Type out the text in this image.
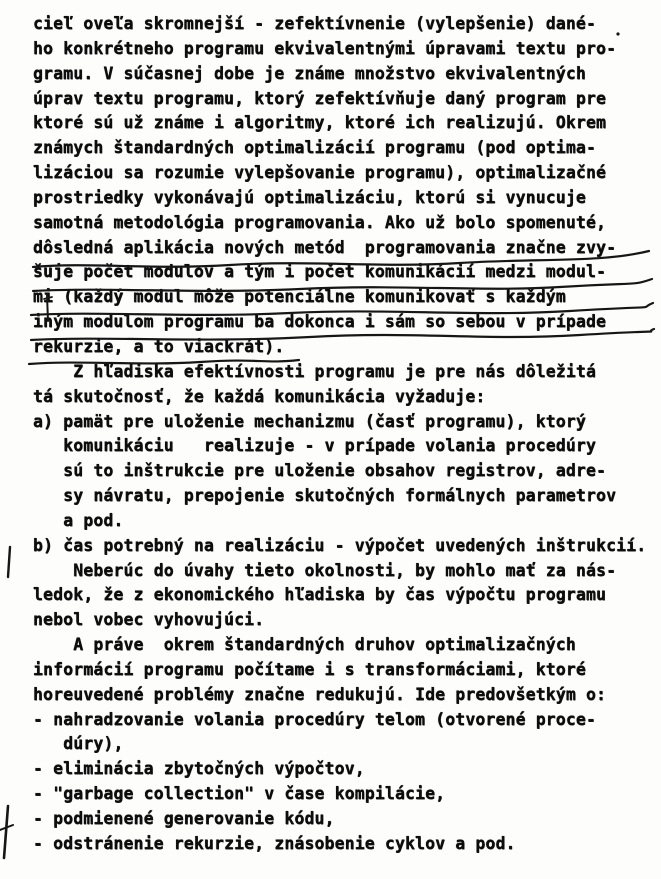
cieľ oveľa skromnejší - zefektívnenie (vylepšenie) dané-
ho konkrétneho programu ekvivalentnými úpravami textu pro-
gramu. V súčasnej dobe je známe množstvo ekvivalentných
úprav textu programu, ktorý zefektívňuje daný program pre
ktoré sú už známe i algoritmy, ktoré ich realizujú. Okrem
známych štandardných optimalizácií programu (pod optima-
lizáciou sa rozumie vylepšovanie programu), optimalizačné
prostriedky vykonávajú optimalizáciu, ktorú si vynucuje
samotná metodológia programovania. Ako už bolo spomenuté,
dôsledná aplikácia nových metód  programovania značne zvy-
šuje počet modulov a tým i počet komunikácií medzi modul-
mi (každý modul môže potenciálne komunikovať s každým
iným modulom programu ba dokonca i sám so sebou v prípade
rekurzie, a to viackrát).
Z hľadiska efektívnosti programu je pre nás dôležitá
tá skutočnosť, že každá komunikácia vyžaduje:
a) pamät pre uloženie mechanizmu (časť programu), ktorý
komunikáciu   realizuje - v prípade volania procedúry
sú to inštrukcie pre uloženie obsahov registrov, adre-
sy návratu, prepojenie skutočných formálnych parametrov
a pod.
b) čas potrebný na realizáciu - výpočet uvedených inštrukcií.
Neberúc do úvahy tieto okolnosti, by mohlo mať za nás-
ledok, že z ekonomického hľadiska by čas výpočtu programu
nebol vobec vyhovujúci.
A práve  okrem štandardných druhov optimalizačných
informácií programu počítame i s transformáciami, ktoré
horeuvedené problémy značne redukujú. Ide predovšetkým o:
- nahradzovanie volania procedúry telom (otvorené proce-
dúry),
- eliminácia zbytočných výpočtov,
- "garbage collection" v čase kompilácie,
- podmienené generovanie kódu,
- odstránenie rekurzie, znásobenie cyklov a pod.
